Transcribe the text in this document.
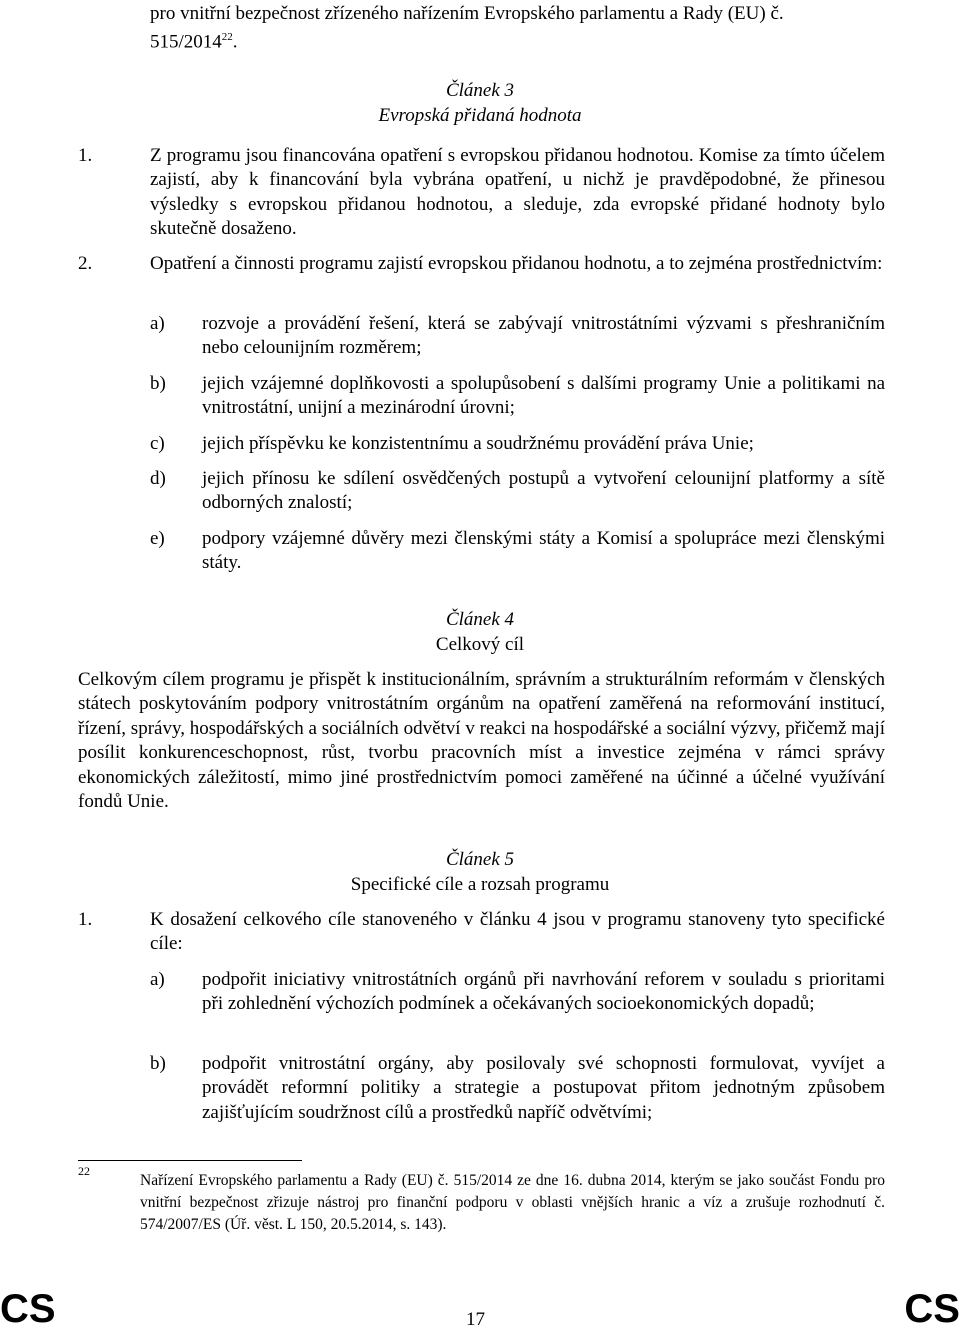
pro vnitřní bezpečnost zřízeného nařízením Evropského parlamentu a Rady (EU) č.
515/2014$^{22}$.
Článek 3
Evropská přidaná hodnota
1.	Z programu jsou financována opatření s evropskou přidanou hodnotou. Komise za tímto účelem zajistí, aby k financování byla vybrána opatření, u nichž je pravděpodobné, že přinesou výsledky s evropskou přidanou hodnotou, a sleduje, zda evropské přidané hodnoty bylo skutečně dosaženo.
2.	Opatření a činnosti programu zajistí evropskou přidanou hodnotu, a to zejména prostřednictvím:
a) rozvoje a provádění řešení, která se zabývají vnitrostátními výzvami s přeshraničním nebo celounijním rozměrem;
b) jejich vzájemné doplňkovosti a spolupůsobení s dalšími programy Unie a politikami na vnitrostátní, unijní a mezinárodní úrovni;
c) jejich příspěvku ke konzistentnímu a soudržnému provádění práva Unie;
d) jejich přínosu ke sdílení osvědčených postupů a vytvoření celounijní platformy a sítě odborných znalostí;
e) podpory vzájemné důvěry mezi členskými státy a Komisí a spolupráce mezi členskými státy.
Článek 4
Celkový cíl
Celkovým cílem programu je přispět k institucionálním, správním a strukturálním reformám v členských státech poskytováním podpory vnitrostátním orgánům na opatření zaměřená na reformování institucí, řízení, správy, hospodářských a sociálních odvětví v reakci na hospodářské a sociální výzvy, přičemž mají posílit konkurenceschopnost, růst, tvorbu pracovních míst a investice zejména v rámci správy ekonomických záležitostí, mimo jiné prostřednictvím pomoci zaměřené na účinné a účelné využívání fondů Unie.
Článek 5
Specifické cíle a rozsah programu
1.	K dosažení celkového cíle stanoveného v článku 4 jsou v programu stanoveny tyto specifické cíle:
a) podpořit iniciativy vnitrostátních orgánů při navrhování reforem v souladu s prioritami při zohlednění výchozích podmínek a očekávaných socioekonomických dopadů;
b) podpořit vnitrostátní orgány, aby posilovaly své schopnosti formulovat, vyvíjet a provádět reformní politiky a strategie a postupovat přitom jednotným způsobem zajišťujícím soudržnost cílů a prostředků napříč odvětvími;
22
Nařízení Evropského parlamentu a Rady (EU) č. 515/2014 ze dne 16. dubna 2014, kterým se jako součást Fondu pro vnitřní bezpečnost zřizuje nástroj pro finanční podporu v oblasti vnějších hranic a víz a zrušuje rozhodnutí č. 574/2007/ES (Úř. věst. L 150, 20.5.2014, s. 143).
CS	17	CS
